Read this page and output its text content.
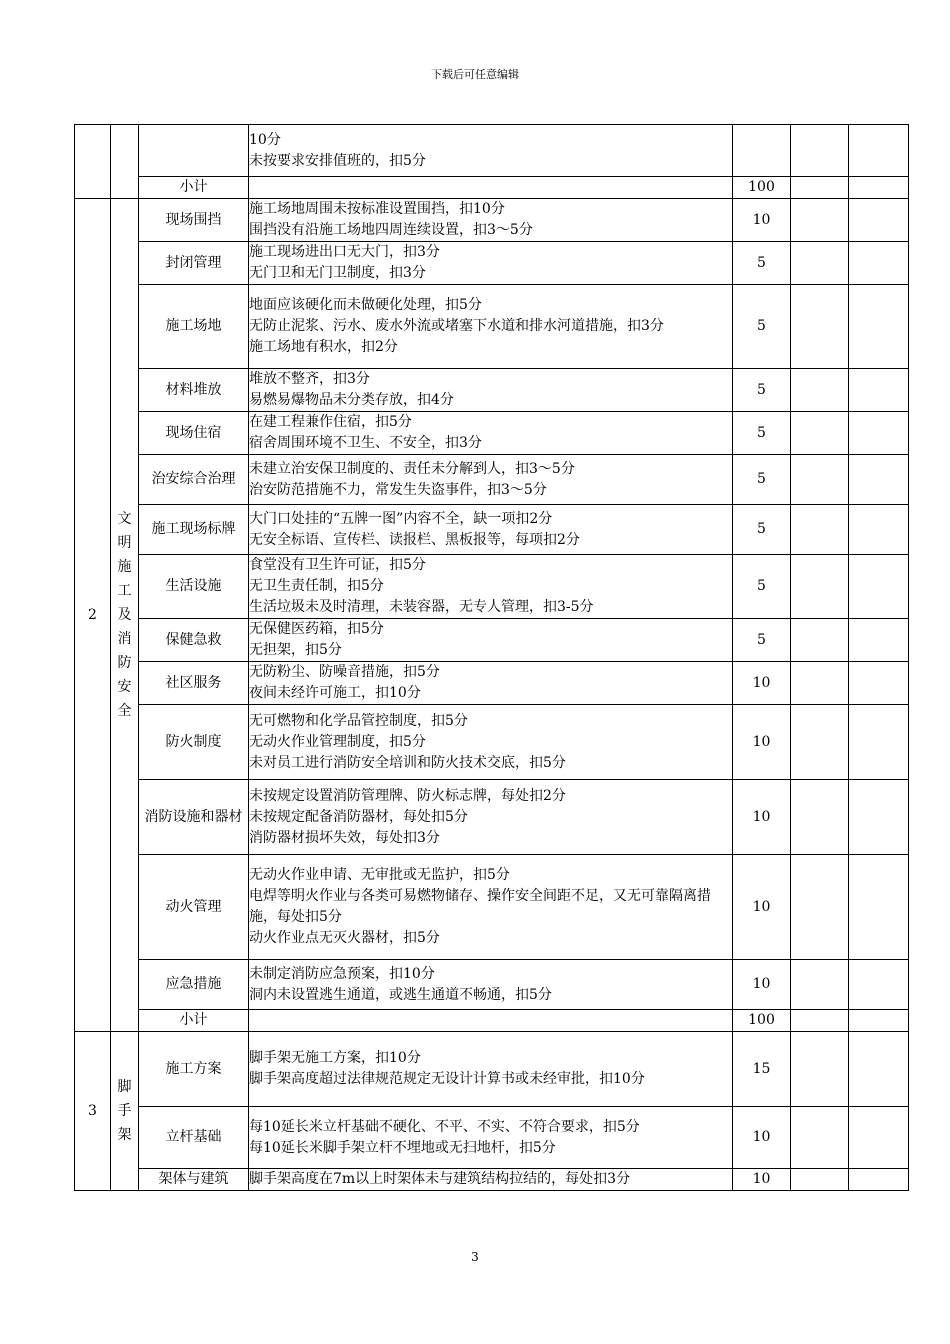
下载后可任意编辑

			10分
未按要求安排值班的，扣5分			

		小计		100		
2	文明施工及消防安全	现场围挡	施工场地周围未按标准设置围挡，扣10分
围挡没有沿施工场地四周连续设置，扣3～5分	10		
		封闭管理	施工现场进出口无大门，扣3分
无门卫和无门卫制度，扣3分	5		
		施工场地	地面应该硬化而未做硬化处理，扣5分
无防止泥浆、污水、废水外流或堵塞下水道和排水河道措施，扣3分
施工场地有积水，扣2分	5		
		材料堆放	堆放不整齐，扣3分
易燃易爆物品未分类存放，扣4分	5		
		现场住宿	在建工程兼作住宿，扣5分
宿舍周围环境不卫生、不安全，扣3分	5		
		治安综合治理	未建立治安保卫制度的、责任未分解到人，扣3～5分
治安防范措施不力，常发生失盗事件，扣3～5分	5		
		施工现场标牌	大门口处挂的“五牌一图”内容不全，缺一项扣2分
无安全标语、宣传栏、读报栏、黑板报等，每项扣2分	5		
		生活设施	食堂没有卫生许可证，扣5分
无卫生责任制，扣5分
生活垃圾未及时清理，未装容器，无专人管理，扣3-5分	5		
		保健急救	无保健医药箱，扣5分
无担架，扣5分	5		
		社区服务	无防粉尘、防噪音措施，扣5分
夜间未经许可施工，扣10分	10		
		防火制度	无可燃物和化学品管控制度，扣5分
无动火作业管理制度，扣5分
未对员工进行消防安全培训和防火技术交底，扣5分	10		
		消防设施和器材	未按规定设置消防管理牌、防火标志牌，每处扣2分
未按规定配备消防器材，每处扣5分
消防器材损坏失效，每处扣3分	10		
		动火管理	无动火作业申请、无审批或无监护，扣5分
电焊等明火作业与各类可易燃物储存、操作安全间距不足，又无可靠隔离措施，每处扣5分
动火作业点无灭火器材，扣5分	10		
		应急措施	未制定消防应急预案，扣10分
洞内未设置逃生通道，或逃生通道不畅通，扣5分	10		
		小计		100		
3	脚手架	施工方案	脚手架无施工方案，扣10分
脚手架高度超过法律规范规定无设计计算书或未经审批，扣10分	15		
		立杆基础	每10延长米立杆基础不硬化、不平、不实、不符合要求，扣5分
每10延长米脚手架立杆不埋地或无扫地杆，扣5分	10		
		架体与建筑	脚手架高度在7m以上时架体未与建筑结构拉结的，每处扣3分	10		
3
